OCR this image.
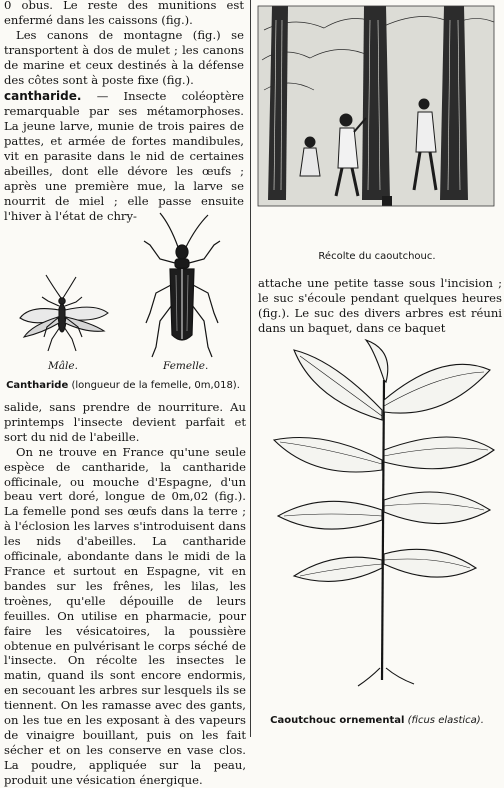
0 obus. Le reste des munitions est enfermé dans les caissons (fig.).

Les canons de montagne (fig.) se transportent à dos de mulet ; les canons de marine et ceux destinés à la défense des côtes sont à poste fixe (fig.).

cantharide. — Insecte coléoptère remarquable par ses métamorphoses. La jeune larve, munie de trois paires de pattes, et armée de fortes mandibules, vit en parasite dans le nid de certaines abeilles, dont elle dévore les œufs ; après une première mue, la larve se nourrit de miel ; elle passe ensuite l'hiver à l'état de chry-

Mâle.	Femelle.
Cantharide (longueur de la femelle, 0m,018).

salide, sans prendre de nourriture. Au printemps l'insecte devient parfait et sort du nid de l'abeille.

On ne trouve en France qu'une seule espèce de cantharide, la cantharide officinale, ou mouche d'Espagne, d'un beau vert doré, longue de 0m,02 (fig.). La femelle pond ses œufs dans la terre ; à l'éclosion les larves s'introduisent dans les nids d'abeilles. La cantharide officinale, abondante dans le midi de la France et surtout en Espagne, vit en bandes sur les frênes, les lilas, les troènes, qu'elle dépouille de leurs feuilles. On utilise en pharmacie, pour faire les vésicatoires, la poussière obtenue en pulvérisant le corps séché de l'insecte. On récolte les insectes le matin, quand ils sont encore endormis, en secouant les arbres sur lesquels ils se tiennent. On les ramasse avec des gants, on les tue en les exposant à des vapeurs de vinaigre bouillant, puis on les fait sécher et on les conserve en vase clos. La poudre, appliquée sur la peau, produit une vésication énergique.

Récolte du caoutchouc.

attache une petite tasse sous l'incision ; le suc s'écoule pendant quelques heures (fig.). Le suc des divers arbres est réuni dans un baquet, dans ce baquet

Caoutchouc ornemental (ficus elastica).
